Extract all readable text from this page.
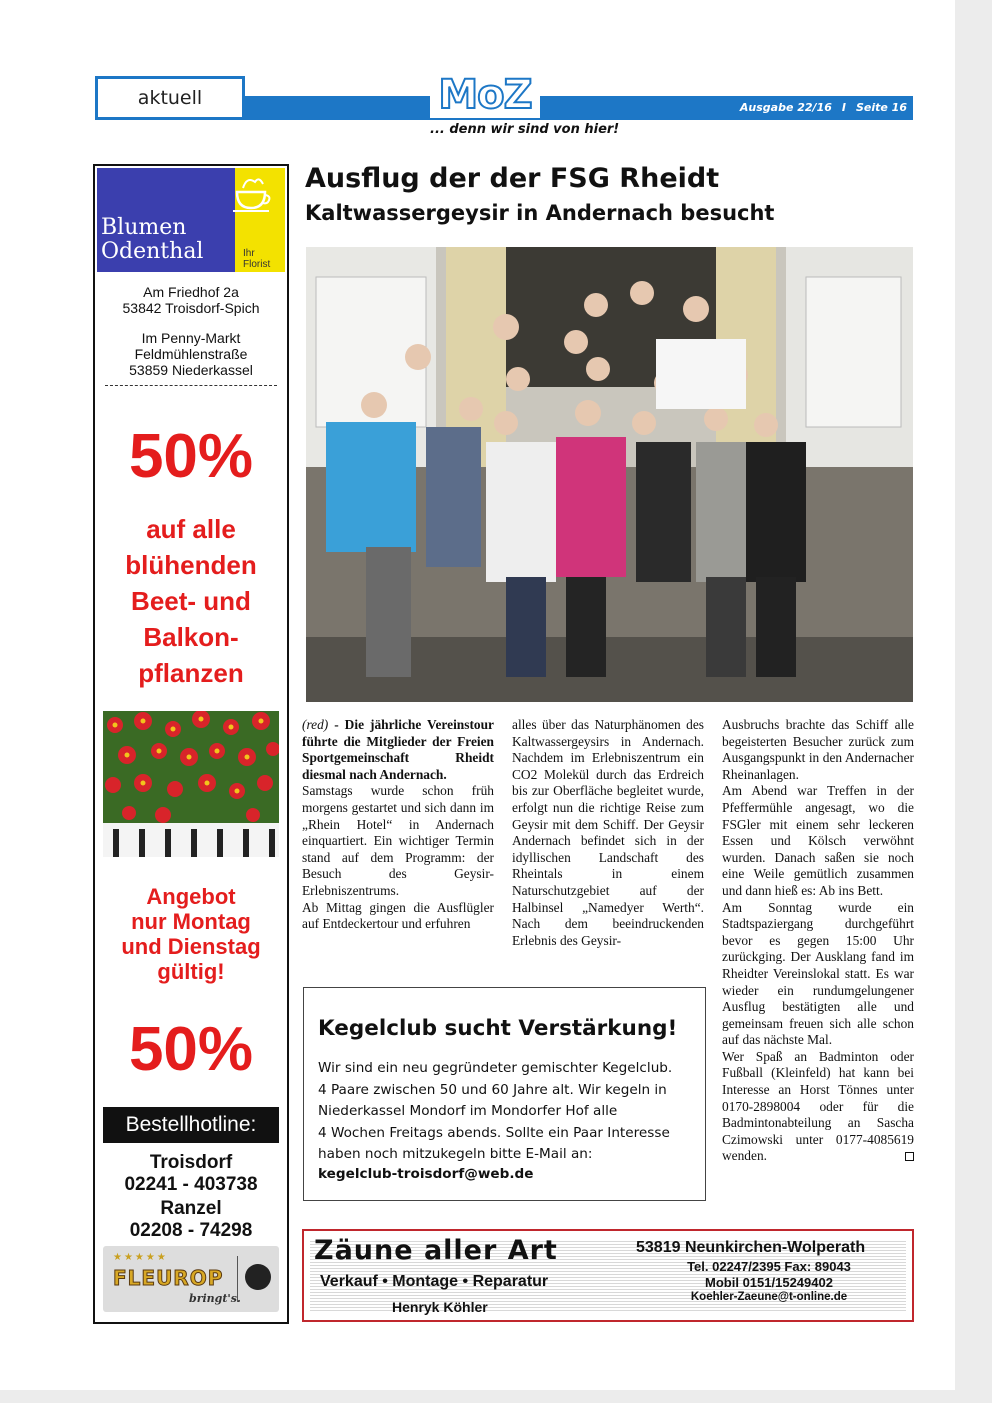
aktuell	MoZ
... denn wir sind von hier!
Ausgabe 22/16 I Seite 16
Blumen
Odenthal	Ihr
Florist
Am Friedhof 2a
53842 Troisdorf-Spich
Im Penny-Markt
Feldmühlenstraße
53859 Niederkassel
50%
auf alle
blühenden
Beet- und
Balkon-
pflanzen
Angebot
nur Montag
und Dienstag
gültig!
50%
Bestellhotline:
Troisdorf
02241 - 403738
Ranzel
02208 - 74298
★★★★★
FLEUROP
bringt's.
Ausflug der der FSG Rheidt
Kaltwassergeysir in Andernach besucht

(red) - Die jährliche Vereinstour führte die Mitglieder der Freien Sportgemeinschaft Rheidt diesmal nach Andernach.

Samstags wurde schon früh morgens gestartet und sich dann im „Rhein Hotel“ in Andernach einquartiert. Ein wichtiger Termin stand auf dem Programm: der Besuch des Geysir-Erlebniszentrums.

Ab Mittag gingen die Ausflügler auf Entdeckertour und erfuhren

alles über das Naturphänomen des Kaltwassergeysirs in Andernach. Nachdem im Erlebniszentrum ein CO2 Molekül durch das Erdreich bis zur Oberfläche begleitet wurde, erfolgt nun die richtige Reise zum Geysir mit dem Schiff. Der Geysir Andernach befindet sich in der idyllischen Landschaft des Rheintals in einem Naturschutzgebiet auf der Halbinsel „Namedyer Werth“. Nach dem beeindruckenden Erlebnis des Geysir-

Ausbruchs brachte das Schiff alle begeisterten Besucher zurück zum Ausgangspunkt in den Andernacher Rheinanlagen.

Am Abend war Treffen in der Pfeffermühle angesagt, wo die FSGler mit einem sehr leckeren Essen und Kölsch verwöhnt wurden. Danach saßen sie noch eine Weile gemütlich zusammen und dann hieß es: Ab ins Bett.

Am Sonntag wurde ein Stadtspaziergang durchgeführt bevor es gegen 15:00 Uhr zurückging. Der Ausklang fand im Rheidter Vereinslokal statt. Es war wieder ein rundumgelungener Ausflug bestätigten alle und gemeinsam freuen sich alle schon auf das nächste Mal.

Wer Spaß an Badminton oder Fußball (Kleinfeld) hat kann bei Interesse an Horst Tönnes unter 0170-2898004 oder für die Badmintonabteilung an Sascha Czimowski unter 0177-4085619 wenden.

Kegelclub sucht Verstärkung!
Wir sind ein neu gegründeter gemischter Kegelclub.
4 Paare zwischen 50 und 60 Jahre alt. Wir kegeln in
Niederkassel Mondorf im Mondorfer Hof alle
4 Wochen Freitags abends. Sollte ein Paar Interesse
haben noch mitzukegeln bitte E-Mail an:
kegelclub-troisdorf@web.de
Zäune aller Art
Verkauf • Montage • Reparatur
Henryk Köhler
53819 Neunkirchen-Wolperath
Tel. 02247/2395 Fax: 89043
Mobil 0151/15249402
Koehler-Zaeune@t-online.de
